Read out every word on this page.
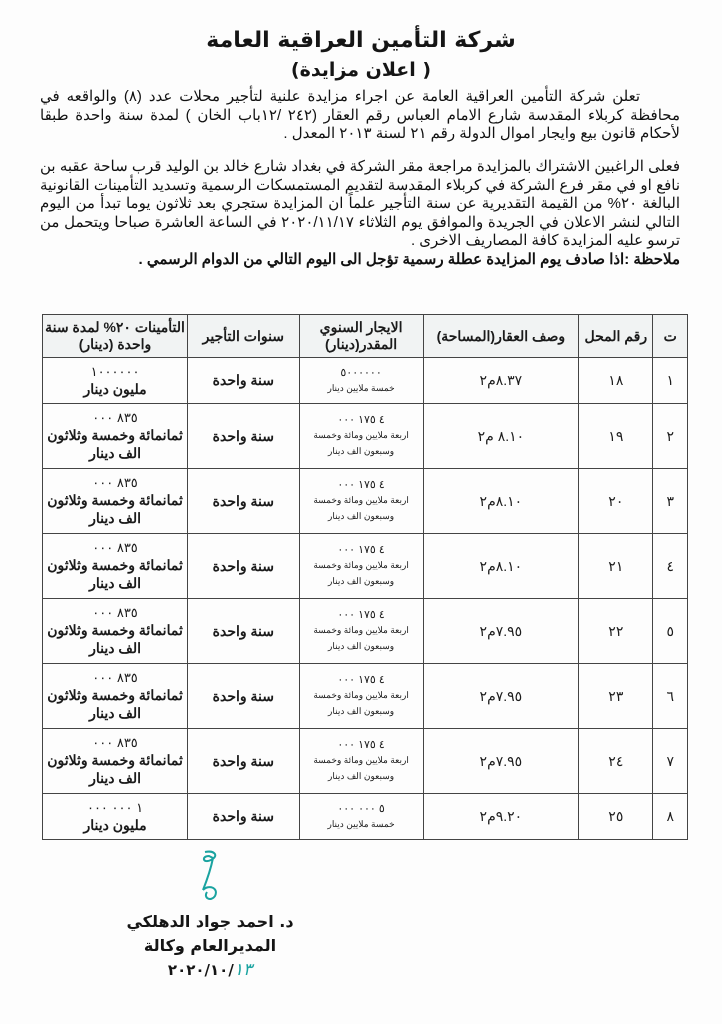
شركة التأمين العراقية العامة
( اعلان مزايدة)

تعلن شركة التأمين العراقية العامة عن اجراء مزايدة علنية لتأجير محلات عدد (٨) والواقعه في محافظة كربلاء المقدسة شارع الامام العباس رقم العقار (٢٤٢ /١٢باب الخان ) لمدة سنة واحدة طبقا لأحكام قانون بيع وايجار اموال الدولة رقم ٢١ لسنة ٢٠١٣ المعدل .

فعلى الراغبين الاشتراك بالمزايدة مراجعة مقر الشركة في بغداد شارع خالد بن الوليد قرب ساحة عقبه بن نافع او في مقر فرع الشركة في كربلاء المقدسة لتقديم المستمسكات الرسمية وتسديد التأمينات القانونية البالغة ٢٠% من القيمة التقديرية عن سنة التأجير علماً ان المزايدة ستجري بعد ثلاثون يوما تبدأ من اليوم التالي لنشر الاعلان في الجريدة والموافق يوم الثلاثاء ٢٠٢٠/١١/١٧ في الساعة العاشرة صباحا ويتحمل من ترسو عليه المزايدة كافة المصاريف الاخرى .

ملاحظة :اذا صادف يوم المزايدة عطلة رسمية تؤجل الى اليوم التالي من الدوام الرسمي .

ت	رقم المحل	وصف العقار(المساحة)	الايجار السنوي المقدر(دينار)	سنوات التأجير	التأمينات ٢٠% لمدة سنة واحدة (دينار)
١	١٨	٨.٣٧م٢	٥٠٠٠٠٠٠
خمسة ملايين دينار	سنة واحدة	١٠٠٠٠٠٠
مليون دينار

٢	١٩	٨.١٠ م٢	٤ ١٧٥ ٠٠٠
اربعة ملايين ومائة وخمسة وسبعون الف دينار	سنة واحدة	٨٣٥ ٠٠٠
ثمانمائة وخمسة وثلاثون الف دينار

٣	٢٠	٨.١٠م٢	٤ ١٧٥ ٠٠٠
اربعة ملايين ومائة وخمسة وسبعون الف دينار	سنة واحدة	٨٣٥ ٠٠٠
ثمانمائة وخمسة وثلاثون الف دينار

٤	٢١	٨.١٠م٢	٤ ١٧٥ ٠٠٠
اربعة ملايين ومائة وخمسة وسبعون الف دينار	سنة واحدة	٨٣٥ ٠٠٠
ثمانمائة وخمسة وثلاثون الف دينار

٥	٢٢	٧.٩٥م٢	٤ ١٧٥ ٠٠٠
اربعة ملايين ومائة وخمسة وسبعون الف دينار	سنة واحدة	٨٣٥ ٠٠٠
ثمانمائة وخمسة وثلاثون الف دينار

٦	٢٣	٧.٩٥م٢	٤ ١٧٥ ٠٠٠
اربعة ملايين ومائة وخمسة وسبعون الف دينار	سنة واحدة	٨٣٥ ٠٠٠
ثمانمائة وخمسة وثلاثون الف دينار

٧	٢٤	٧.٩٥م٢	٤ ١٧٥ ٠٠٠
اربعة ملايين ومائة وخمسة وسبعون الف دينار	سنة واحدة	٨٣٥ ٠٠٠
ثمانمائة وخمسة وثلاثون الف دينار

٨	٢٥	٩.٢٠م٢	٥ ٠٠٠ ٠٠٠
خمسة ملايين دينار	سنة واحدة	١ ٠٠٠ ٠٠٠
مليون دينار
د. احمد جواد الدهلكي
المديرالعام وكالة
٢٠٢٠/١٠/١٣
